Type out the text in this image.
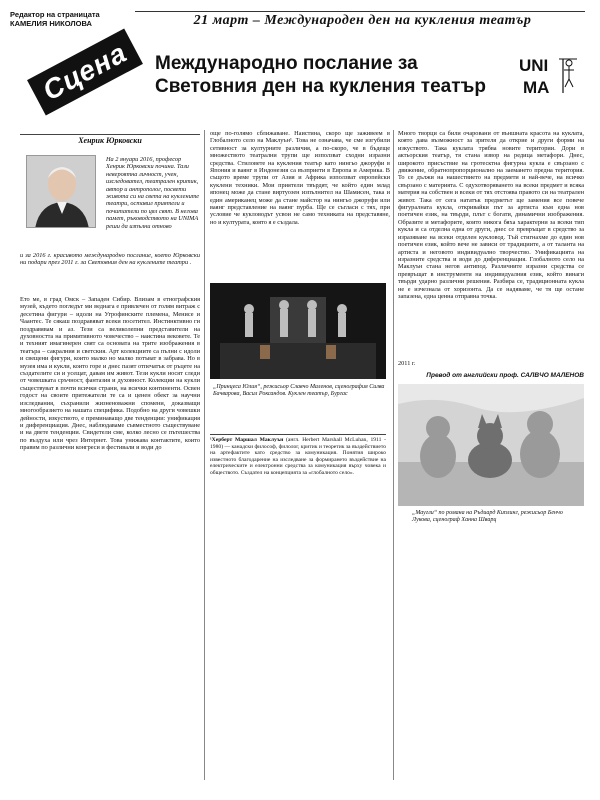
Редактор на страницата
КАМЕЛИЯ НИКОЛОВА	21 март – Международен ден на кукления театър
Сцена Международно послание за
Световния ден на кукления театър
UNI
MA
Хенрик Юрковски
На 2 януари 2016, професор Хенрик Юрковски почина. Тази невероятна личност, учен, изследовател, театрален критик, автор и антрополог, посвети живота си на света на куклените театри, оставил приятели и почитатели по цял свят. В негова памет, ръководството на UNIMA реши да изпълни отново
и за 2016 г. красивото международно послание, което Юрковски ни подари през 2011 г. за Световния ден на куклените театри .
Ето ме, в град Омск – Западен Сибир. Влизам в етнографския музей, където погледът ми веднага е привлечен от голям витраж с десетина фигури – идоли на Угрофинските племена, Менисе и Чаантес. Те сякаш поздравяват всеки посетител. Инстинктивно ги поздравявам и аз. Тези са великолепни представители на духовността на примитивното човечество – наистина вековете. Те и техният имагинерен свят са основата на трите изображения в театъра – сакралния и светския. Арт колекциите са пълни с идоли и свещени фигури, които малко но малко потъват в забрава. Но в музея има и кукли, които горе и днес пазят отпечатък от ръцете на създателите си и усещат, давам им живот. Тези кукли носят следи от човешката сръчност, фантазия и духовност. Колекции на кукли съществуват в почти всички страни, на всички континенти. Освен годост на своите притежатели те са и ценен обект за научни изследвания, съхранили жизненоважни спомени, доказващи многообразието на нашата специфика. Подобно на други човешки дейности, изкуството, е преминаващо две тенденции: унификация и диференциация. Днес, наблюдаваме съвместното съществуване и на двете тенденции. Свидетели сме, колко лесно се пътешества по въздуха или чрез Интернет. Това унижава контактите, които правим по различни конгреси и фестивали и води до
още по-голямо сближаване. Наистина, скоро ще заживеем в Глобалното село на Маклуън¹. Това не означава, че сме изгубили сетивност за културните различия, а по-скоро, че в бъдеще множеството театрални трупи ще използват сходни изразни средства. Стиловете на кукления театър като нингьо джоруфи в Япония и ваянг в Индонезия са възприети в Европа и Америка. В същото време трупи от Азия и Африка използват европейски куклени техники. Мои приятели твърдят, че който един млад японец може да стане виртуозен изпълнител на Шамисен, така и един американец може да стане майстор на нингьо джоруфи или ваянг представление на ваянг пурба. Ще се съгласи с тях, при условие че кукловодът усвои не само техниката на представяне, но и културата, която я е създала.
„Принцеса Юлия“, режисьор Славчо Маленов, сценография Силва Бачварова, Васил Роксандов. Куклен театър, Бургас
¹Херберт Маршал Маклуън (англ. Herbert Marshall McLuhan, 1911 - 1980) — канадски философ, филолог, критик и теоретик за въздействието на артефактите като средство за комуникация. Понятия широко известното благодарение на изследване за формирането въздействие на електрическите и електронни средства за комуникация върху човека и обществото. Създател на концепцията за «глобалното село».
Много творци са били очаровани от външната красота на куклата, която дава възможност за зрителя да открие и други форми на изкуството. Така куклата трябва новите територии. Дори в актьорския театър, тя стана извор на редица метафори. Днес, широкото присъствие на гротесктна фигурна кукла е свързано с движение, обратнопропорционално на заемането предна територия. То се дължи на нашествието на предмети и най-вече, на всичко свързано с материята. С одухотворяването на всеки предмет и всяка материя на собствен и всеки от тях отстоява правото си на театрален живот. Така от сега нататък предметът ще замения все повече фигуралната кукла, откривайки път за артиста към една нов поетичен език, на твърди, плът с богати, динамични изображения. Образите и метафорите, които никога бяха характерни за всеки тип кукла и са отделна една от други, днес се превръщат в средство за изразяване на всеки отделен кукловод. Тъй стигнахме до един нов поетичен език, който вече не зависи от традициите, а от таланта на артиста и неговото индивидуално творчество. Унификацията на изразните средства и води до диференциация. Глобалното село на Маклуън стана негов антипод. Различните изразни средства се превръщат в инструменти на индивидуалния език, който винаги твърди ударно различни решения. Разбира се, традиционната кукла не е изчезнала от хоризонта. Да се надяваме, че тя ще остане запазена, една ценна отправна точка.
2011 г.
Превод от английски проф. САЛВЧО МАЛЕНОВ
„Маугли“ по романа на Ръдиард Киплинг, режисьор Бенчо Лукова, сценограф Ханна Шварц
